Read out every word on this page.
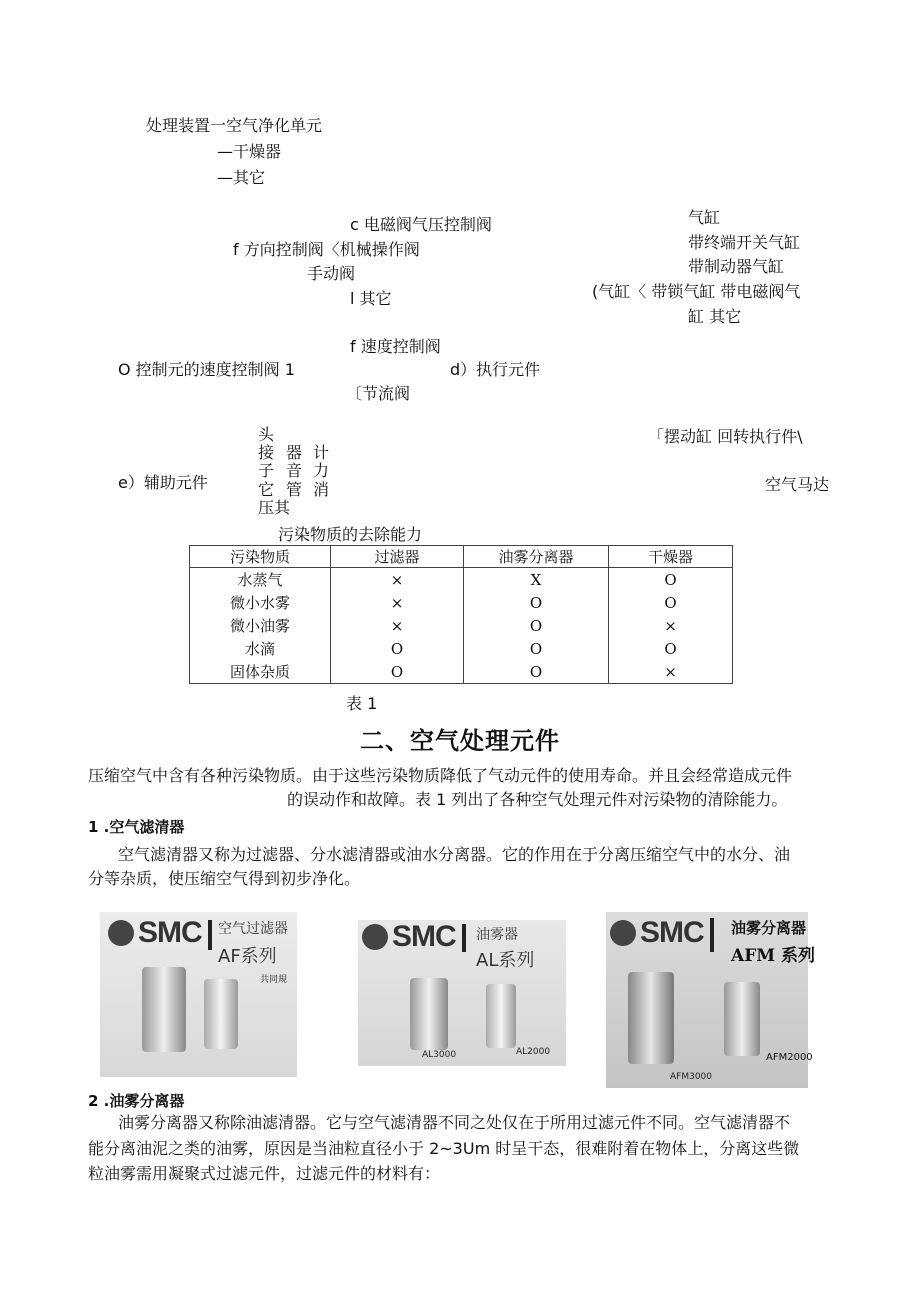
处理装置一空气净化单元
—干燥器
—其它
c 电磁阀气压控制阀
f 方向控制阀〈机械操作阀
手动阀
l 其它
气缸
带终端开关气缸
带制动器气缸
(气缸〈 带锁气缸 带电磁阀气
缸 其它
f 速度控制阀
O 控制元的速度控制阀 1	d）执行元件
〔节流阀
「摆动缸 回转执行件\
空气马达
e）辅助元件
头
接
子
它
压其
器
音
管
计
力
消
污染物质的去除能力
污染物质	过滤器	油雾分离器	干燥器
水蒸气	×	X	O
微小水雾	×	O	O
微小油雾	×	O	×
水滴	O	O	O
固体杂质	O	O	×
表 1
二、空气处理元件
压缩空气中含有各种污染物质。由于这些污染物质降低了气动元件的使用寿命。并且会经常造成元件
的误动作和故障。表 1 列出了各种空气处理元件对污染物的清除能力。
1 .空气滤清器
空气滤清器又称为过滤器、分水滤清器或油水分离器。它的作用在于分离压缩空气中的水分、油
分等杂质，使压缩空气得到初步净化。
SMC 空气过滤器
AF系列
共同規
SMC 油雾器
AL系列
AL3000	AL2000
SMC
AFM3000
油雾分离器
AFM 系列
AFM2000
2 .油雾分离器
油雾分离器又称除油滤清器。它与空气滤清器不同之处仅在于所用过滤元件不同。空气滤清器不
能分离油泥之类的油雾，原因是当油粒直径小于 2~3Um 时呈干态，很难附着在物体上，分离这些微
粒油雾需用凝聚式过滤元件，过滤元件的材料有：
